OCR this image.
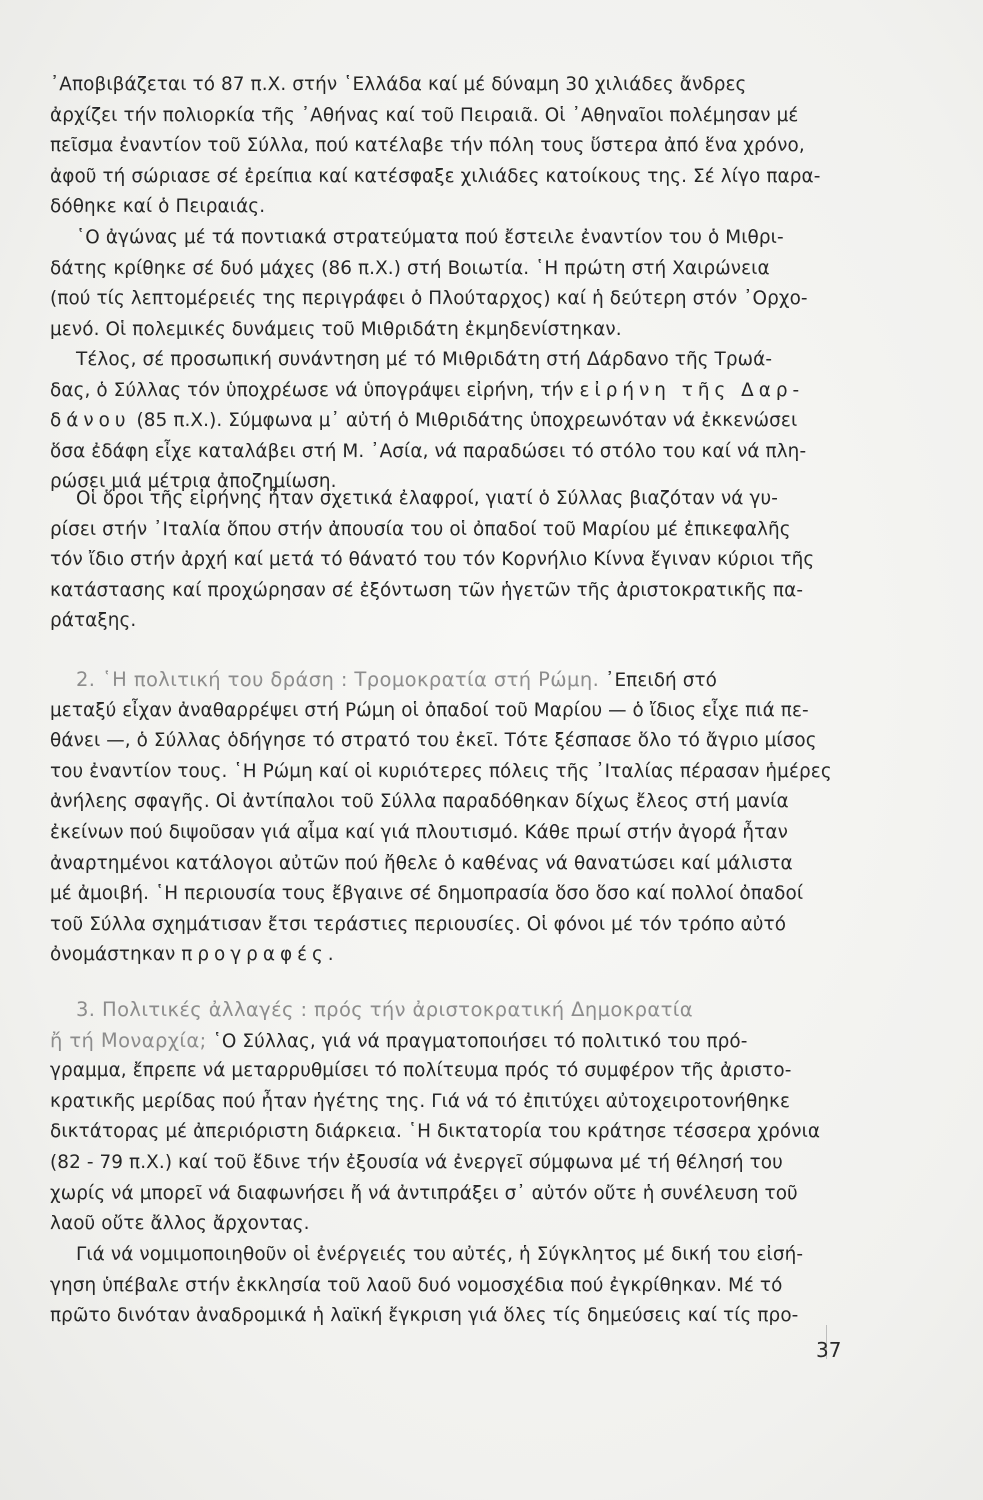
᾿Αποβιβάζεται τό 87 π.Χ. στήν ῾Ελλάδα καί μέ δύναμη 30 χιλιάδες ἄνδρες
ἀρχίζει τήν πολιορκία τῆς ᾿Αθήνας καί τοῦ Πειραιᾶ. Οἱ ᾿Αθηναῖοι πολέμησαν μέ
πεῖσμα ἐναντίον τοῦ Σύλλα, πού κατέλαβε τήν πόλη τους ὕστερα ἀπό ἕνα χρόνο,
ἀφοῦ τή σώριασε σέ ἐρείπια καί κατέσφαξε χιλιάδες κατοίκους της. Σέ λίγο παρα-
δόθηκε καί ὁ Πειραιάς.
῾Ο ἀγώνας μέ τά ποντιακά στρατεύματα πού ἔστειλε ἐναντίον του ὁ Μιθρι-
δάτης κρίθηκε σέ δυό μάχες (86 π.Χ.) στή Βοιωτία. ῾Η πρώτη στή Χαιρώνεια
(πού τίς λεπτομέρειές της περιγράφει ὁ Πλούταρχος) καί ἡ δεύτερη στόν ᾿Ορχο-
μενό. Οἱ πολεμικές δυνάμεις τοῦ Μιθριδάτη ἐκμηδενίστηκαν.
Τέλος, σέ προσωπική συνάντηση μέ τό Μιθριδάτη στή Δάρδανο τῆς Τρωά-
δας, ὁ Σύλλας τόν ὑποχρέωσε νά ὑπογράψει εἰρήνη, τήν εἰρήνη τῆς Δαρ-
δάνου (85 π.Χ.). Σύμφωνα μ᾿ αὐτή ὁ Μιθριδάτης ὑποχρεωνόταν νά ἐκκενώσει
ὅσα ἐδάφη εἶχε καταλάβει στή Μ. ᾿Ασία, νά παραδώσει τό στόλο του καί νά πλη-
ρώσει μιά μέτρια ἀποζημίωση.
Οἱ ὅροι τῆς εἰρήνης ἦταν σχετικά ἐλαφροί, γιατί ὁ Σύλλας βιαζόταν νά γυ-
ρίσει στήν ᾿Ιταλία ὅπου στήν ἀπουσία του οἱ ὀπαδοί τοῦ Μαρίου μέ ἐπικεφαλῆς
τόν ἴδιο στήν ἀρχή καί μετά τό θάνατό του τόν Κορνήλιο Κίννα ἔγιναν κύριοι τῆς
κατάστασης καί προχώρησαν σέ ἐξόντωση τῶν ἡγετῶν τῆς ἀριστοκρατικῆς πα-
ράταξης.
2. ῾Η πολιτική του δράση : Τρομοκρατία στή Ρώμη. ᾿Επειδή στό
μεταξύ εἶχαν ἀναθαρρέψει στή Ρώμη οἱ ὀπαδοί τοῦ Μαρίου — ὁ ἴδιος εἶχε πιά πε-
θάνει —, ὁ Σύλλας ὁδήγησε τό στρατό του ἐκεῖ. Τότε ξέσπασε ὅλο τό ἄγριο μίσος
του ἐναντίον τους. ῾Η Ρώμη καί οἱ κυριότερες πόλεις τῆς ᾿Ιταλίας πέρασαν ἡμέρες
ἀνήλεης σφαγῆς. Οἱ ἀντίπαλοι τοῦ Σύλλα παραδόθηκαν δίχως ἔλεος στή μανία
ἐκείνων πού διψοῦσαν γιά αἷμα καί γιά πλουτισμό. Κάθε πρωί στήν ἀγορά ἦταν
ἀναρτημένοι κατάλογοι αὐτῶν πού ἤθελε ὁ καθένας νά θανατώσει καί μάλιστα
μέ ἀμοιβή. ῾Η περιουσία τους ἔβγαινε σέ δημοπρασία ὅσο ὅσο καί πολλοί ὀπαδοί
τοῦ Σύλλα σχημάτισαν ἔτσι τεράστιες περιουσίες. Οἱ φόνοι μέ τόν τρόπο αὐτό
ὀνομάστηκαν προγραφές.
3. Πολιτικές ἀλλαγές : πρός τήν ἀριστοκρατική Δημοκρατία
ἤ τή Μοναρχία; ῾Ο Σύλλας, γιά νά πραγματοποιήσει τό πολιτικό του πρό-
γραμμα, ἔπρεπε νά μεταρρυθμίσει τό πολίτευμα πρός τό συμφέρον τῆς ἀριστο-
κρατικῆς μερίδας πού ἦταν ἡγέτης της. Γιά νά τό ἐπιτύχει αὐτοχειροτονήθηκε
δικτάτορας μέ ἀπεριόριστη διάρκεια. ῾Η δικτατορία του κράτησε τέσσερα χρόνια
(82 - 79 π.Χ.) καί τοῦ ἔδινε τήν ἐξουσία νά ἐνεργεῖ σύμφωνα μέ τή θέλησή του
χωρίς νά μπορεῖ νά διαφωνήσει ἤ νά ἀντιπράξει σ᾿ αὐτόν οὔτε ἡ συνέλευση τοῦ
λαοῦ οὔτε ἄλλος ἄρχοντας.
Γιά νά νομιμοποιηθοῦν οἱ ἐνέργειές του αὐτές, ἡ Σύγκλητος μέ δική του εἰσή-
γηση ὑπέβαλε στήν ἐκκλησία τοῦ λαοῦ δυό νομοσχέδια πού ἐγκρίθηκαν. Μέ τό
πρῶτο δινόταν ἀναδρομικά ἡ λαϊκή ἔγκριση γιά ὅλες τίς δημεύσεις καί τίς προ-
37
